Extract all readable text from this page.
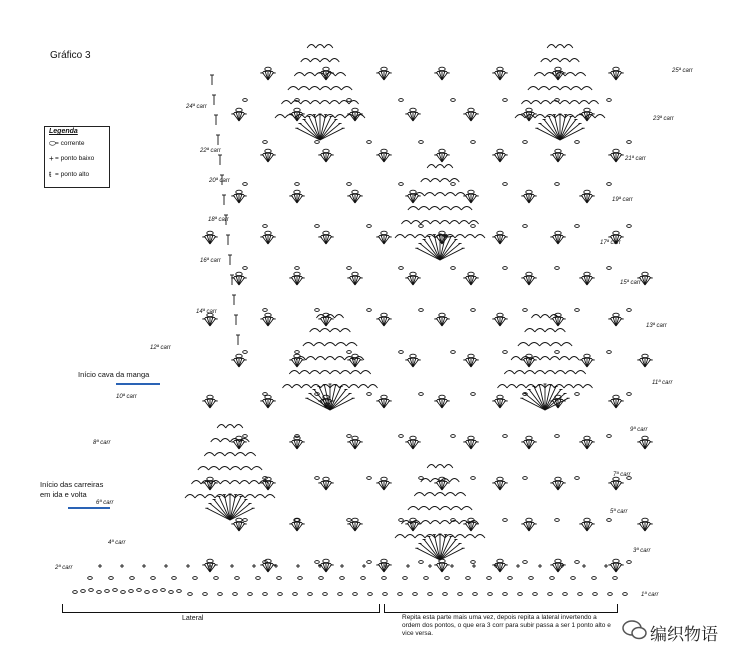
Gráfico 3
Legenda
⬭ = corrente
+ = ponto baixo
ŧ = ponto alto
24ª carr
22ª carr
20ª carr
18ª carr
16ª carr
14ª carr
12ª carr
10ª carr
8ª carr
6ª carr
4ª carr
2ª carr
25ª carr
23ª carr
21ª carr
19ª carr
17ª carr
15ª carr
13ª carr
11ª carr
9ª carr
7ª carr
5ª carr
3ª carr
1ª carr
Início cava da manga
Início das carreiras
em ida e volta
Lateral	Repita esta parte mais uma vez, depois repita a lateral invertendo a ordem dos pontos, o que era 3 corr para subir passa a ser 1 ponto alto e vice versa.	编织物语
